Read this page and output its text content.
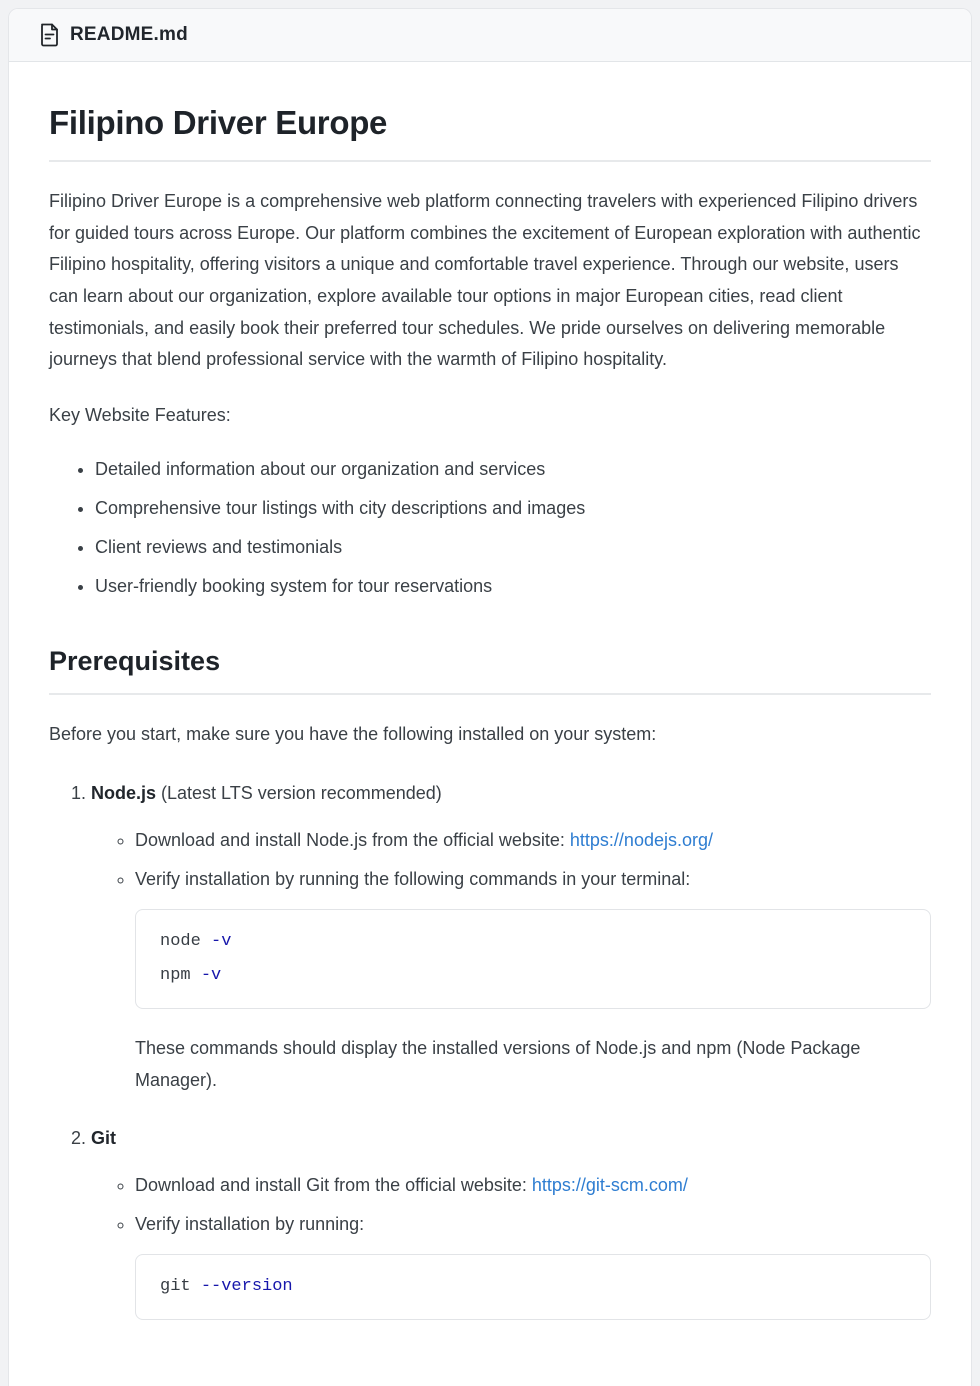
README.md
Filipino Driver Europe

Filipino Driver Europe is a comprehensive web platform connecting travelers with experienced Filipino drivers for guided tours across Europe. Our platform combines the excitement of European exploration with authentic Filipino hospitality, offering visitors a unique and comfortable travel experience. Through our website, users can learn about our organization, explore available tour options in major European cities, read client testimonials, and easily book their preferred tour schedules. We pride ourselves on delivering memorable journeys that blend professional service with the warmth of Filipino hospitality.

Key Website Features:

• Detailed information about our organization and services
• Comprehensive tour listings with city descriptions and images
• Client reviews and testimonials
• User-friendly booking system for tour reservations
Prerequisites

Before you start, make sure you have the following installed on your system:

1. Node.js (Latest LTS version recommended)
◦ Download and install Node.js from the official website: https://nodejs.org/
◦ Verify installation by running the following commands in your terminal:
node -v
npm -v

These commands should display the installed versions of Node.js and npm (Node Package Manager).

2. Git
◦ Download and install Git from the official website: https://git-scm.com/
◦ Verify installation by running:
git --version
